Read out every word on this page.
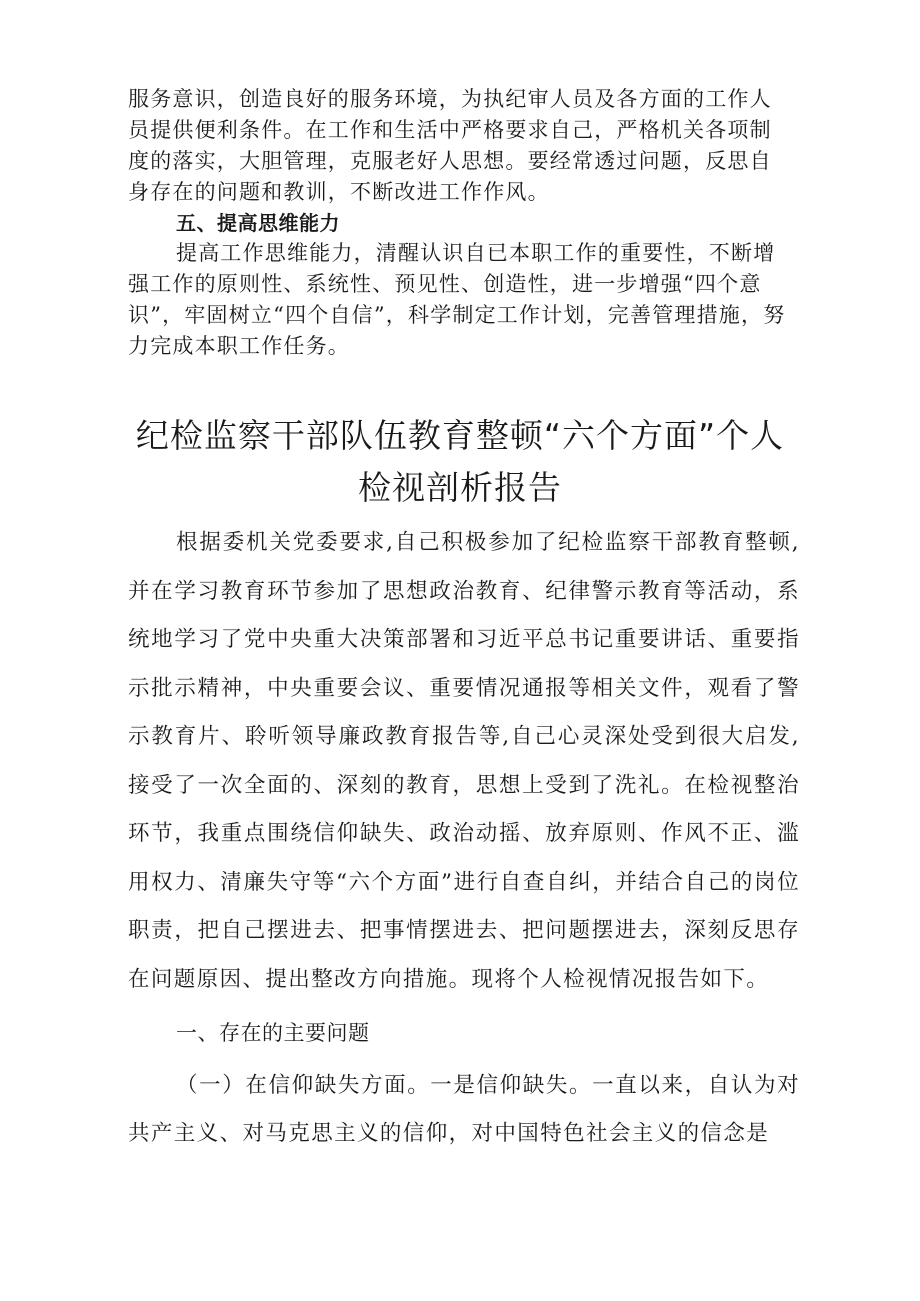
服务意识，创造良好的服务环境，为执纪审人员及各方面的工作人员提供便利条件。在工作和生活中严格要求自己，严格机关各项制度的落实，大胆管理，克服老好人思想。要经常透过问题，反思自身存在的问题和教训，不断改进工作作风。

五、提高思维能力

提高工作思维能力，清醒认识自已本职工作的重要性，不断增强工作的原则性、系统性、预见性、创造性，进一步增强“四个意识”，牢固树立“四个自信”，科学制定工作计划，完善管理措施，努力完成本职工作任务。

纪检监察干部队伍教育整顿“六个方面”个人
检视剖析报告

根据委机关党委要求,自己积极参加了纪检监察干部教育整顿,并在学习教育环节参加了思想政治教育、纪律警示教育等活动，系统地学习了党中央重大决策部署和习近平总书记重要讲话、重要指示批示精神，中央重要会议、重要情况通报等相关文件，观看了警示教育片、聆听领导廉政教育报告等,自己心灵深处受到很大启发,接受了一次全面的、深刻的教育，思想上受到了洗礼。在检视整治环节，我重点围绕信仰缺失、政治动摇、放弃原则、作风不正、滥用权力、清廉失守等“六个方面”进行自查自纠，并结合自己的岗位职责，把自己摆进去、把事情摆进去、把问题摆进去，深刻反思存在问题原因、提出整改方向措施。现将个人检视情况报告如下。

一、存在的主要问题

（一）在信仰缺失方面。一是信仰缺失。一直以来，自认为对共产主义、对马克思主义的信仰，对中国特色社会主义的信念是
